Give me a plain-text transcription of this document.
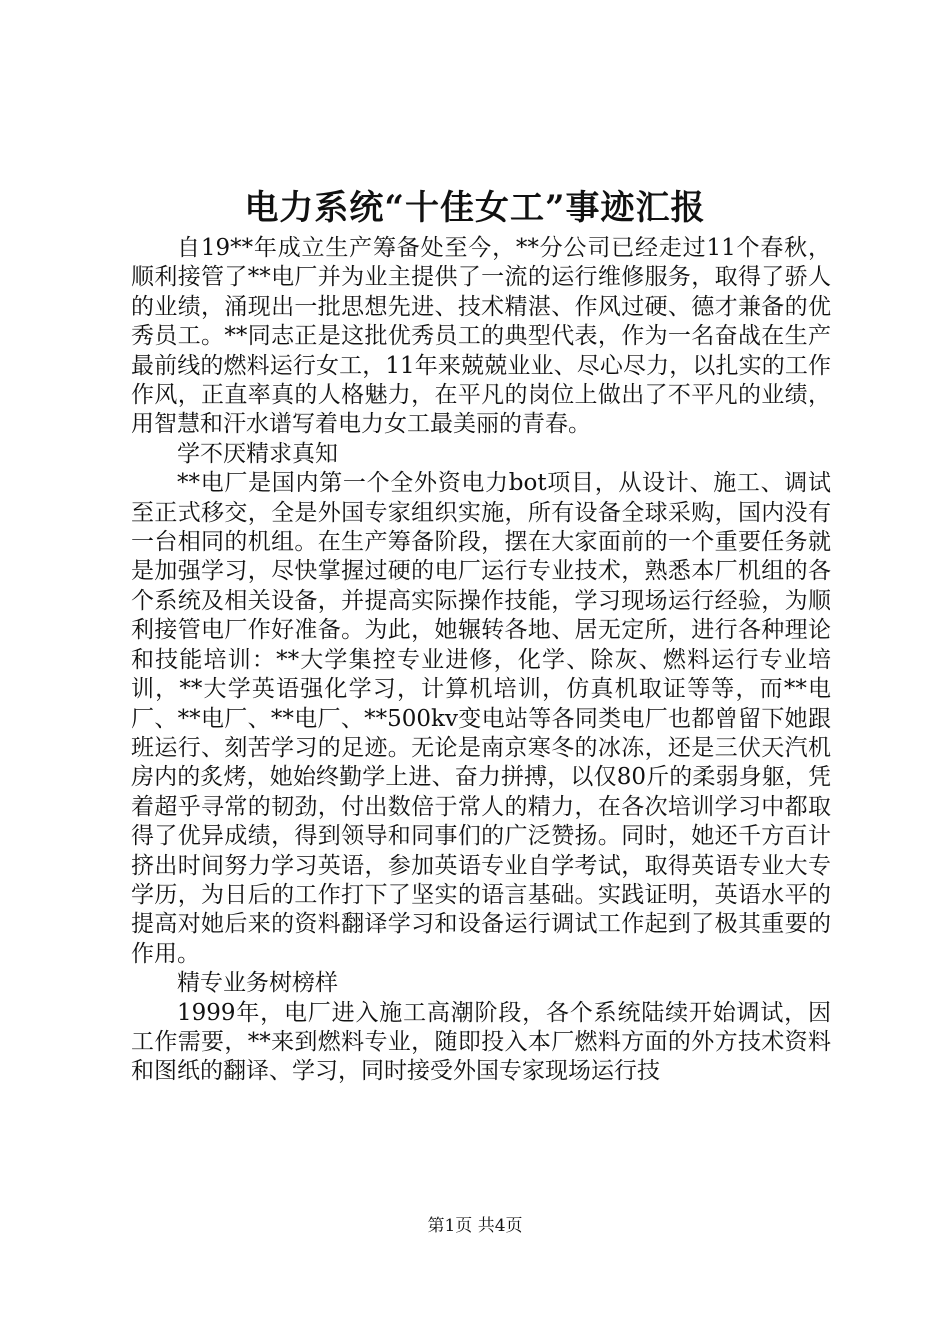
电力系统“十佳女工”事迹汇报

自19**年成立生产筹备处至今，**分公司已经走过11个春秋，顺利接管了**电厂并为业主提供了一流的运行维修服务，取得了骄人的业绩，涌现出一批思想先进、技术精湛、作风过硬、德才兼备的优秀员工。**同志正是这批优秀员工的典型代表，作为一名奋战在生产最前线的燃料运行女工，11年来兢兢业业、尽心尽力，以扎实的工作作风，正直率真的人格魅力，在平凡的岗位上做出了不平凡的业绩，用智慧和汗水谱写着电力女工最美丽的青春。

学不厌精求真知

**电厂是国内第一个全外资电力bot项目，从设计、施工、调试至正式移交，全是外国专家组织实施，所有设备全球采购，国内没有一台相同的机组。在生产筹备阶段，摆在大家面前的一个重要任务就是加强学习，尽快掌握过硬的电厂运行专业技术，熟悉本厂机组的各个系统及相关设备，并提高实际操作技能，学习现场运行经验，为顺利接管电厂作好准备。为此，她辗转各地、居无定所，进行各种理论和技能培训：**大学集控专业进修，化学、除灰、燃料运行专业培训，**大学英语强化学习，计算机培训，仿真机取证等等，而**电厂、**电厂、**电厂、**500kv变电站等各同类电厂也都曾留下她跟班运行、刻苦学习的足迹。无论是南京寒冬的冰冻，还是三伏天汽机房内的炙烤，她始终勤学上进、奋力拼搏，以仅80斤的柔弱身躯，凭着超乎寻常的韧劲，付出数倍于常人的精力，在各次培训学习中都取得了优异成绩，得到领导和同事们的广泛赞扬。同时，她还千方百计挤出时间努力学习英语，参加英语专业自学考试，取得英语专业大专学历，为日后的工作打下了坚实的语言基础。实践证明，英语水平的提高对她后来的资料翻译学习和设备运行调试工作起到了极其重要的作用。

精专业务树榜样

1999年，电厂进入施工高潮阶段，各个系统陆续开始调试，因工作需要，**来到燃料专业，随即投入本厂燃料方面的外方技术资料和图纸的翻译、学习，同时接受外国专家现场运行技

第1页 共4页
